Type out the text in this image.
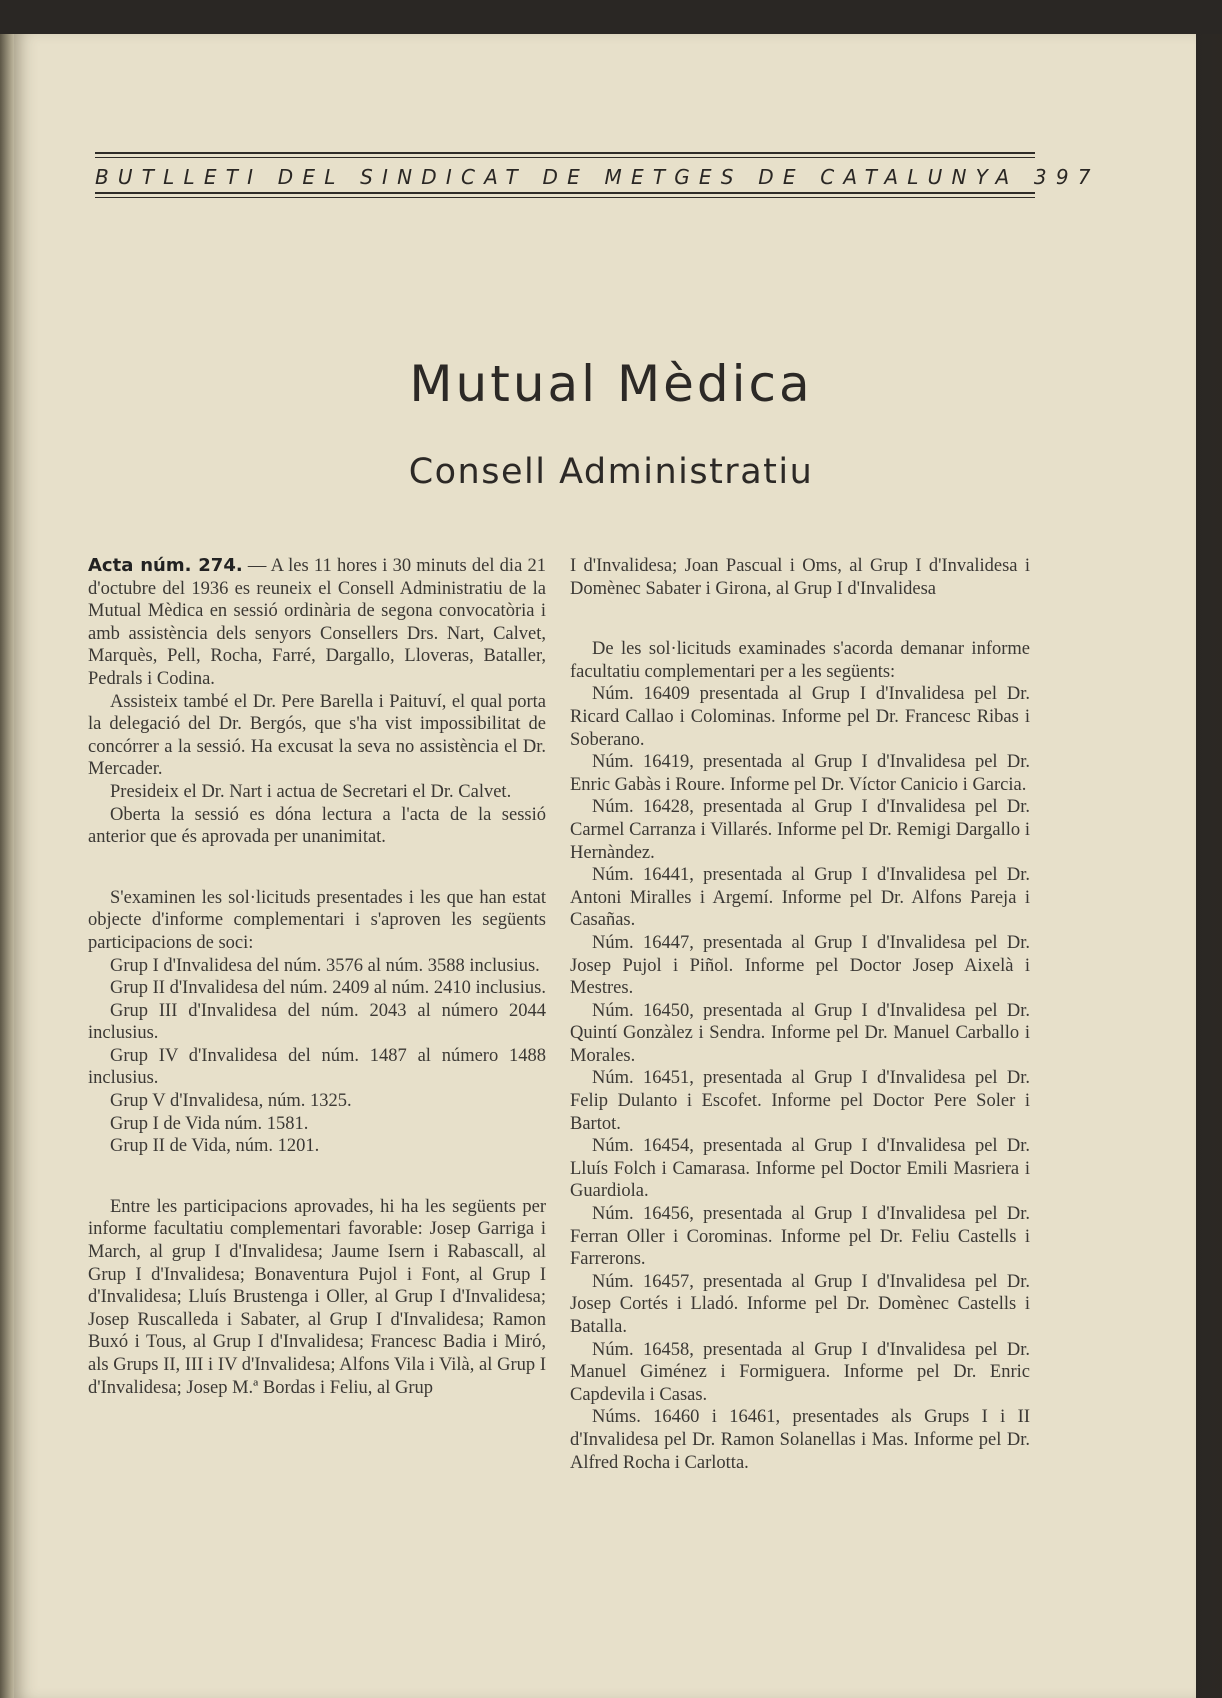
BUTLLETI DEL SINDICAT DE METGES DE CATALUNYA 397
Mutual Mèdica
Consell Administratiu

Acta núm. 274. — A les 11 hores i 30 minuts del dia 21 d'octubre del 1936 es reuneix el Consell Administratiu de la Mutual Mèdica en sessió ordinària de segona convocatòria i amb assistència dels senyors Consellers Drs. Nart, Calvet, Marquès, Pell, Rocha, Farré, Dargallo, Lloveras, Bataller, Pedrals i Codina.

Assisteix també el Dr. Pere Barella i Paituví, el qual porta la delegació del Dr. Bergós, que s'ha vist impossibilitat de concórrer a la sessió. Ha excusat la seva no assistència el Dr. Mercader.

Presideix el Dr. Nart i actua de Secretari el Dr. Calvet.

Oberta la sessió es dóna lectura a l'acta de la sessió anterior que és aprovada per unanimitat.

S'examinen les sol·licituds presentades i les que han estat objecte d'informe complementari i s'aproven les següents participacions de soci:

Grup I d'Invalidesa del núm. 3576 al núm. 3588 inclusius.

Grup II d'Invalidesa del núm. 2409 al núm. 2410 inclusius.

Grup III d'Invalidesa del núm. 2043 al número 2044 inclusius.

Grup IV d'Invalidesa del núm. 1487 al número 1488 inclusius.

Grup V d'Invalidesa, núm. 1325.

Grup I de Vida núm. 1581.

Grup II de Vida, núm. 1201.

Entre les participacions aprovades, hi ha les següents per informe facultatiu complementari favorable: Josep Garriga i March, al grup I d'Invalidesa; Jaume Isern i Rabascall, al Grup I d'Invalidesa; Bonaventura Pujol i Font, al Grup I d'Invalidesa; Lluís Brustenga i Oller, al Grup I d'Invalidesa; Josep Ruscalleda i Sabater, al Grup I d'Invalidesa; Ramon Buxó i Tous, al Grup I d'Invalidesa; Francesc Badia i Miró, als Grups II, III i IV d'Invalidesa; Alfons Vila i Vilà, al Grup I d'Invalidesa; Josep M.ª Bordas i Feliu, al Grup

I d'Invalidesa; Joan Pascual i Oms, al Grup I d'Invalidesa i Domènec Sabater i Girona, al Grup I d'Invalidesa

De les sol·licituds examinades s'acorda demanar informe facultatiu complementari per a les següents:

Núm. 16409 presentada al Grup I d'Invalidesa pel Dr. Ricard Callao i Colominas. Informe pel Dr. Francesc Ribas i Soberano.

Núm. 16419, presentada al Grup I d'Invalidesa pel Dr. Enric Gabàs i Roure. Informe pel Dr. Víctor Canicio i Garcia.

Núm. 16428, presentada al Grup I d'Invalidesa pel Dr. Carmel Carranza i Villarés. Informe pel Dr. Remigi Dargallo i Hernàndez.

Núm. 16441, presentada al Grup I d'Invalidesa pel Dr. Antoni Miralles i Argemí. Informe pel Dr. Alfons Pareja i Casañas.

Núm. 16447, presentada al Grup I d'Invalidesa pel Dr. Josep Pujol i Piñol. Informe pel Doctor Josep Aixelà i Mestres.

Núm. 16450, presentada al Grup I d'Invalidesa pel Dr. Quintí Gonzàlez i Sendra. Informe pel Dr. Manuel Carballo i Morales.

Núm. 16451, presentada al Grup I d'Invalidesa pel Dr. Felip Dulanto i Escofet. Informe pel Doctor Pere Soler i Bartot.

Núm. 16454, presentada al Grup I d'Invalidesa pel Dr. Lluís Folch i Camarasa. Informe pel Doctor Emili Masriera i Guardiola.

Núm. 16456, presentada al Grup I d'Invalidesa pel Dr. Ferran Oller i Corominas. Informe pel Dr. Feliu Castells i Farrerons.

Núm. 16457, presentada al Grup I d'Invalidesa pel Dr. Josep Cortés i Lladó. Informe pel Dr. Domènec Castells i Batalla.

Núm. 16458, presentada al Grup I d'Invalidesa pel Dr. Manuel Giménez i Formiguera. Informe pel Dr. Enric Capdevila i Casas.

Núms. 16460 i 16461, presentades als Grups I i II d'Invalidesa pel Dr. Ramon Solanellas i Mas. Informe pel Dr. Alfred Rocha i Carlotta.
